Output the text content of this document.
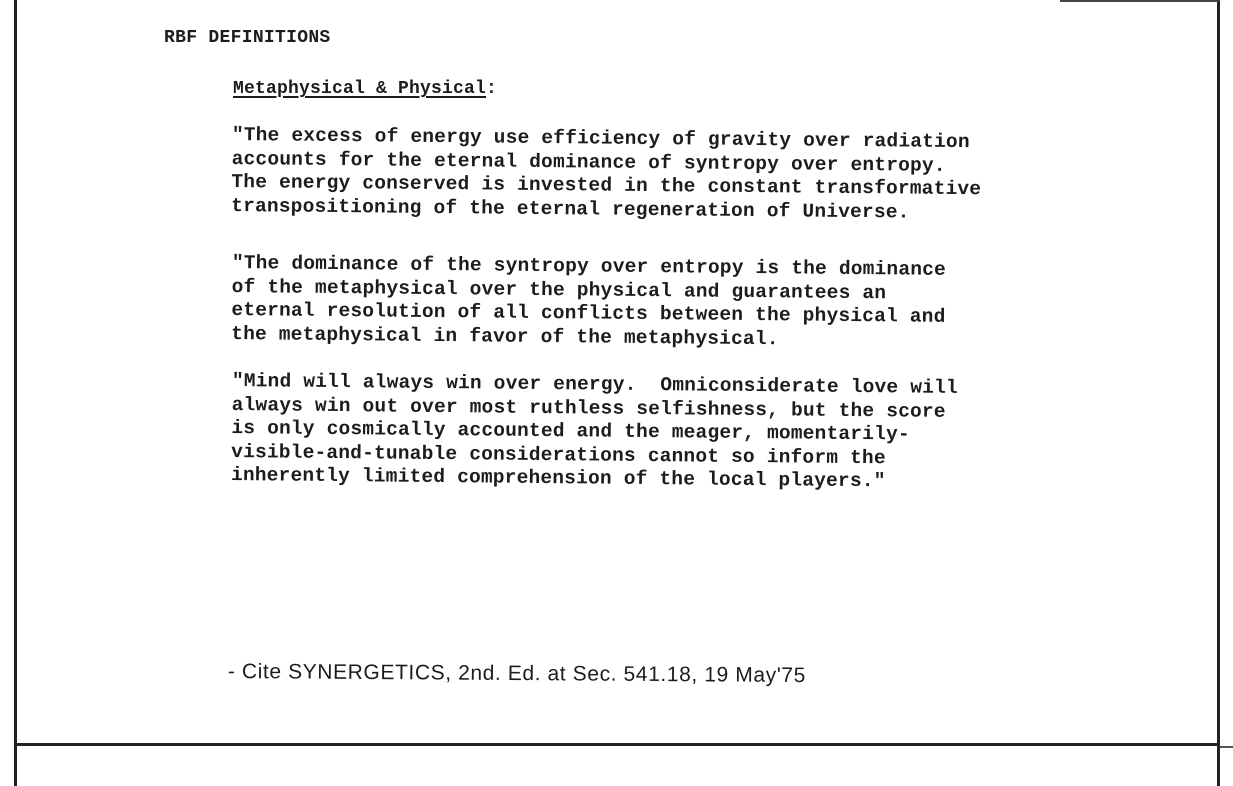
RBF DEFINITIONS
Metaphysical & Physical:
"The excess of energy use efficiency of gravity over radiation
accounts for the eternal dominance of syntropy over entropy.
The energy conserved is invested in the constant transformative
transpositioning of the eternal regeneration of Universe.
"The dominance of the syntropy over entropy is the dominance
of the metaphysical over the physical and guarantees an
eternal resolution of all conflicts between the physical and
the metaphysical in favor of the metaphysical.
"Mind will always win over energy.  Omniconsiderate love will
always win out over most ruthless selfishness, but the score
is only cosmically accounted and the meager, momentarily-
visible-and-tunable considerations cannot so inform the
inherently limited comprehension of the local players."
- Cite SYNERGETICS, 2nd. Ed. at Sec. 541.18, 19 May'75
